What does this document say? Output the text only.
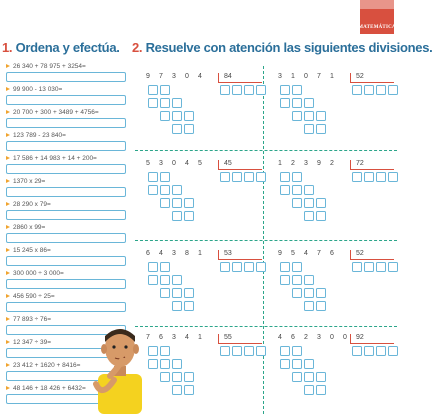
MATEMÁTICA
1. Ordena y efectúa. 2. Resuelve con atención las siguientes divisiones.
26 340 + 78 975 + 3254=
99 900 - 13 030=
20 700 + 300 + 3489 + 4756=
123 789 - 23 840=
17 586 + 14 983 + 14 + 200=
1370 x 29=
28 290 x 79=
2860 x 99=
15 245 x 86=
300 000 ÷ 3 000=
456 590 ÷ 25=
77 893 ÷ 76=
12 347 ÷ 39=
23 412 + 1620 + 8416=
48 146 + 18 426 + 6432=
9 7 3 0 4	84	3 1 0 7 1	52
5 3 0 4 5	45	1 2 3 9 2	72
6 4 3 8 1	53	9 5 4 7 6	52
7 6 3 4 1	55	4 6 2 3 0 0	92
